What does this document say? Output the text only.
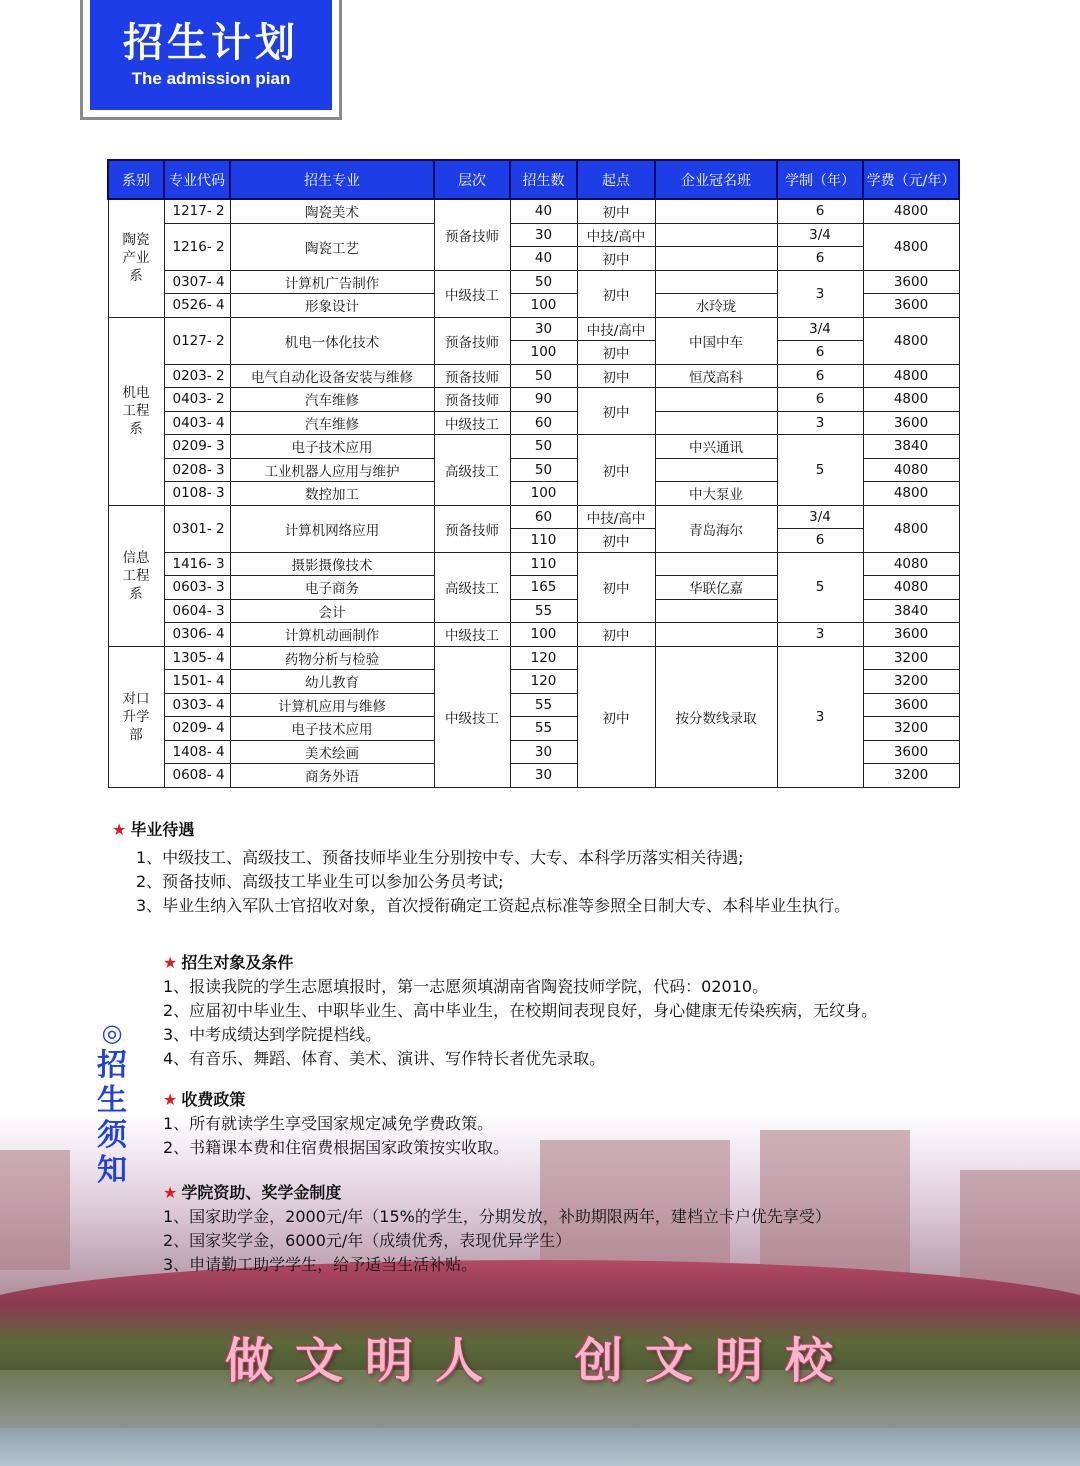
招生计划
The admission pian
系别	专业代码	招生专业	层次	招生数	起点	企业冠名班	学制（年）	学费（元/年）
陶瓷产业系	1217- 2	陶瓷美术	预备技师	40	初中		6	4800
	1216- 2	陶瓷工艺		30	中技/高中		3/4	4800
				40	初中		6	
	0307- 4	计算机广告制作	中级技工	50	初中		3	3600
	0526- 4	形象设计		100		水玲珑		3600
机电工程系	0127- 2	机电一体化技术	预备技师	30	中技/高中	中国中车	3/4	4800
				100	初中		6	
	0203- 2	电气自动化设备安装与维修	预备技师	50	初中	恒茂高科	6	4800
	0403- 2	汽车维修	预备技师	90	初中		6	4800
	0403- 4	汽车维修	中级技工	60			3	3600
	0209- 3	电子技术应用	高级技工	50	初中	中兴通讯	5	3840
	0208- 3	工业机器人应用与维护		50				4080
	0108- 3	数控加工		100		中大泵业		4800
信息工程系	0301- 2	计算机网络应用	预备技师	60	中技/高中	青岛海尔	3/4	4800
				110	初中		6	
	1416- 3	摄影摄像技术	高级技工	110	初中		5	4080
	0603- 3	电子商务		165		华联亿嘉		4080
	0604- 3	会计		55				3840
	0306- 4	计算机动画制作	中级技工	100	初中		3	3600
对口升学部	1305- 4	药物分析与检验	中级技工	120	初中	按分数线录取	3	3200
	1501- 4	幼儿教育		120				3200
	0303- 4	计算机应用与维修		55				3600
	0209- 4	电子技术应用		55				3200
	1408- 4	美术绘画		30				3600
	0608- 4	商务外语		30				3200
做文明人　创文明校
◎
招
生
须
知
★ 毕业待遇
1、中级技工、高级技工、预备技师毕业生分别按中专、大专、本科学历落实相关待遇;
2、预备技师、高级技工毕业生可以参加公务员考试;
3、毕业生纳入军队士官招收对象，首次授衔确定工资起点标准等参照全日制大专、本科毕业生执行。
★ 招生对象及条件
1、报读我院的学生志愿填报时，第一志愿须填湖南省陶瓷技师学院，代码：02010。
2、应届初中毕业生、中职毕业生、高中毕业生，在校期间表现良好，身心健康无传染疾病，无纹身。
3、中考成绩达到学院提档线。
4、有音乐、舞蹈、体育、美术、演讲、写作特长者优先录取。
★ 收费政策
1、所有就读学生享受国家规定减免学费政策。
2、书籍课本费和住宿费根据国家政策按实收取。
★ 学院资助、奖学金制度
1、国家助学金，2000元/年（15%的学生，分期发放，补助期限两年，建档立卡户优先享受）
2、国家奖学金，6000元/年（成绩优秀，表现优异学生）
3、申请勤工助学学生，给予适当生活补贴。
